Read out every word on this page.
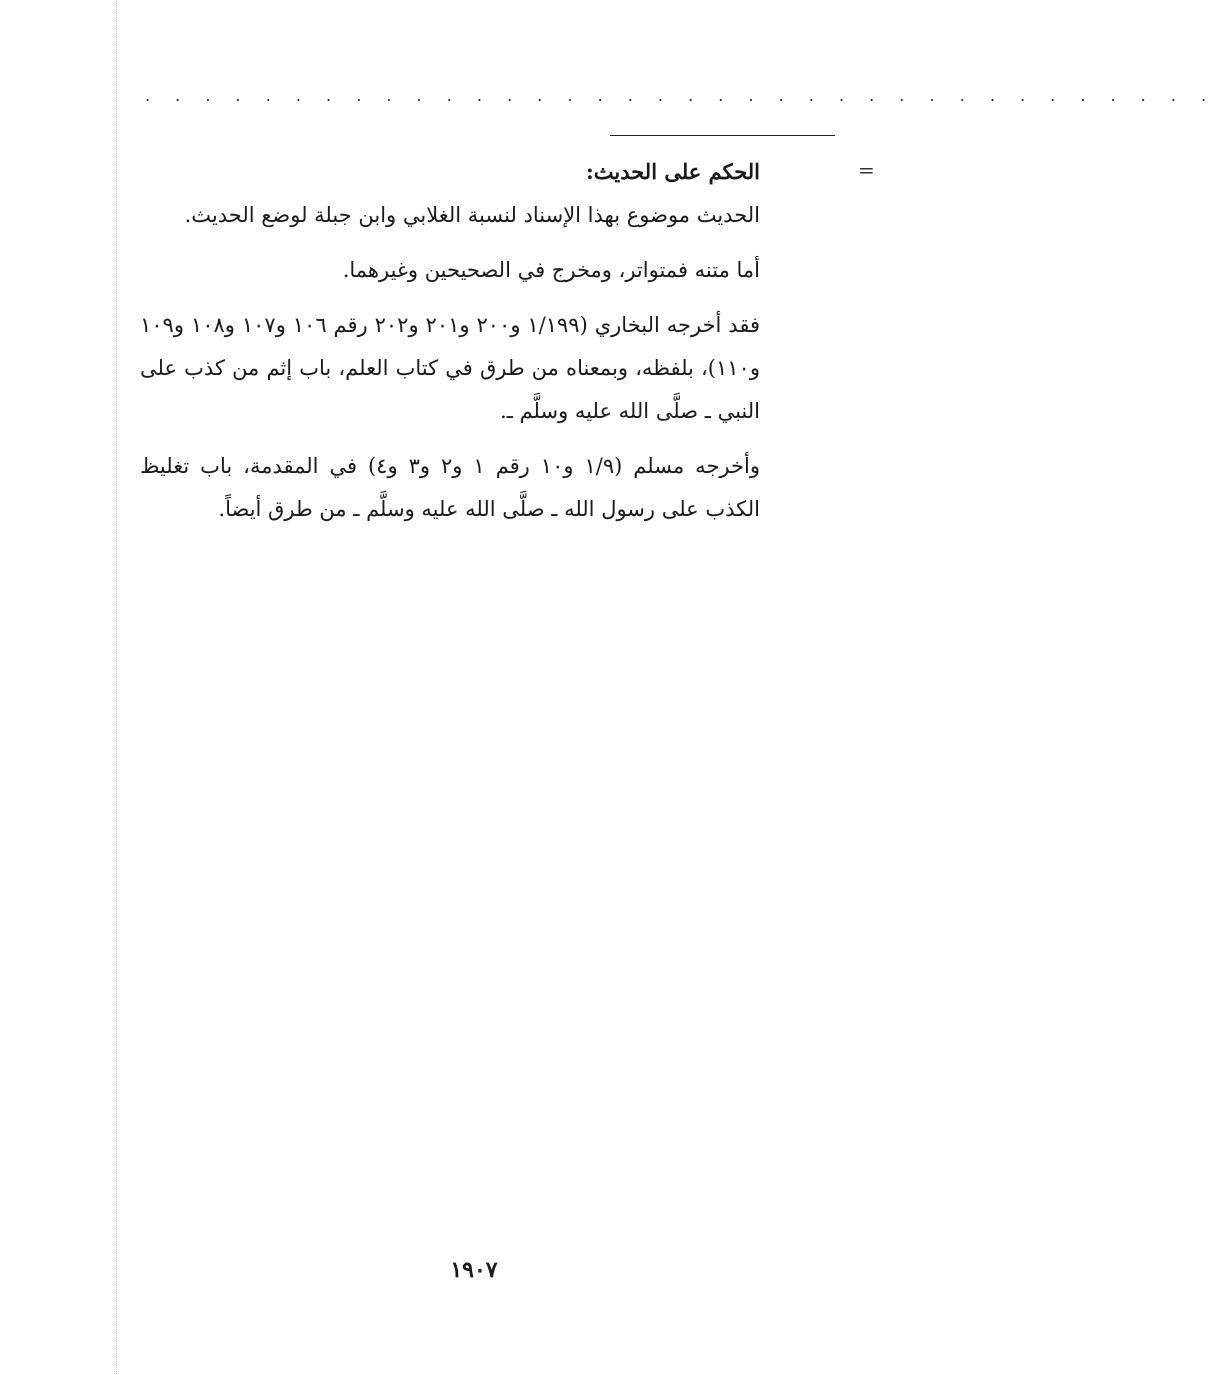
. . . . . . . . . . . . . . . . . . . . . . . . . . . . . . . . . . . .
=

الحكم على الحديث:

الحديث موضوع بهذا الإسناد لنسبة الغلابي وابن جبلة لوضع الحديث.

أما متنه فمتواتر، ومخرج في الصحيحين وغيرهما.

فقد أخرجه البخاري (١/١٩٩ و٢٠٠ و٢٠١ و٢٠٢ رقم ١٠٦ و١٠٧ و١٠٨ و١٠٩ و١١٠)، بلفظه، وبمعناه من طرق في كتاب العلم، باب إثم من كذب على النبي ـ صلَّى الله عليه وسلَّم ـ.

وأخرجه مسلم (١/٩ و١٠ رقم ١ و٢ و٣ و٤) في المقدمة، باب تغليظ الكذب على رسول الله ـ صلَّى الله عليه وسلَّم ـ من طرق أيضاً.

١٩٠٧
